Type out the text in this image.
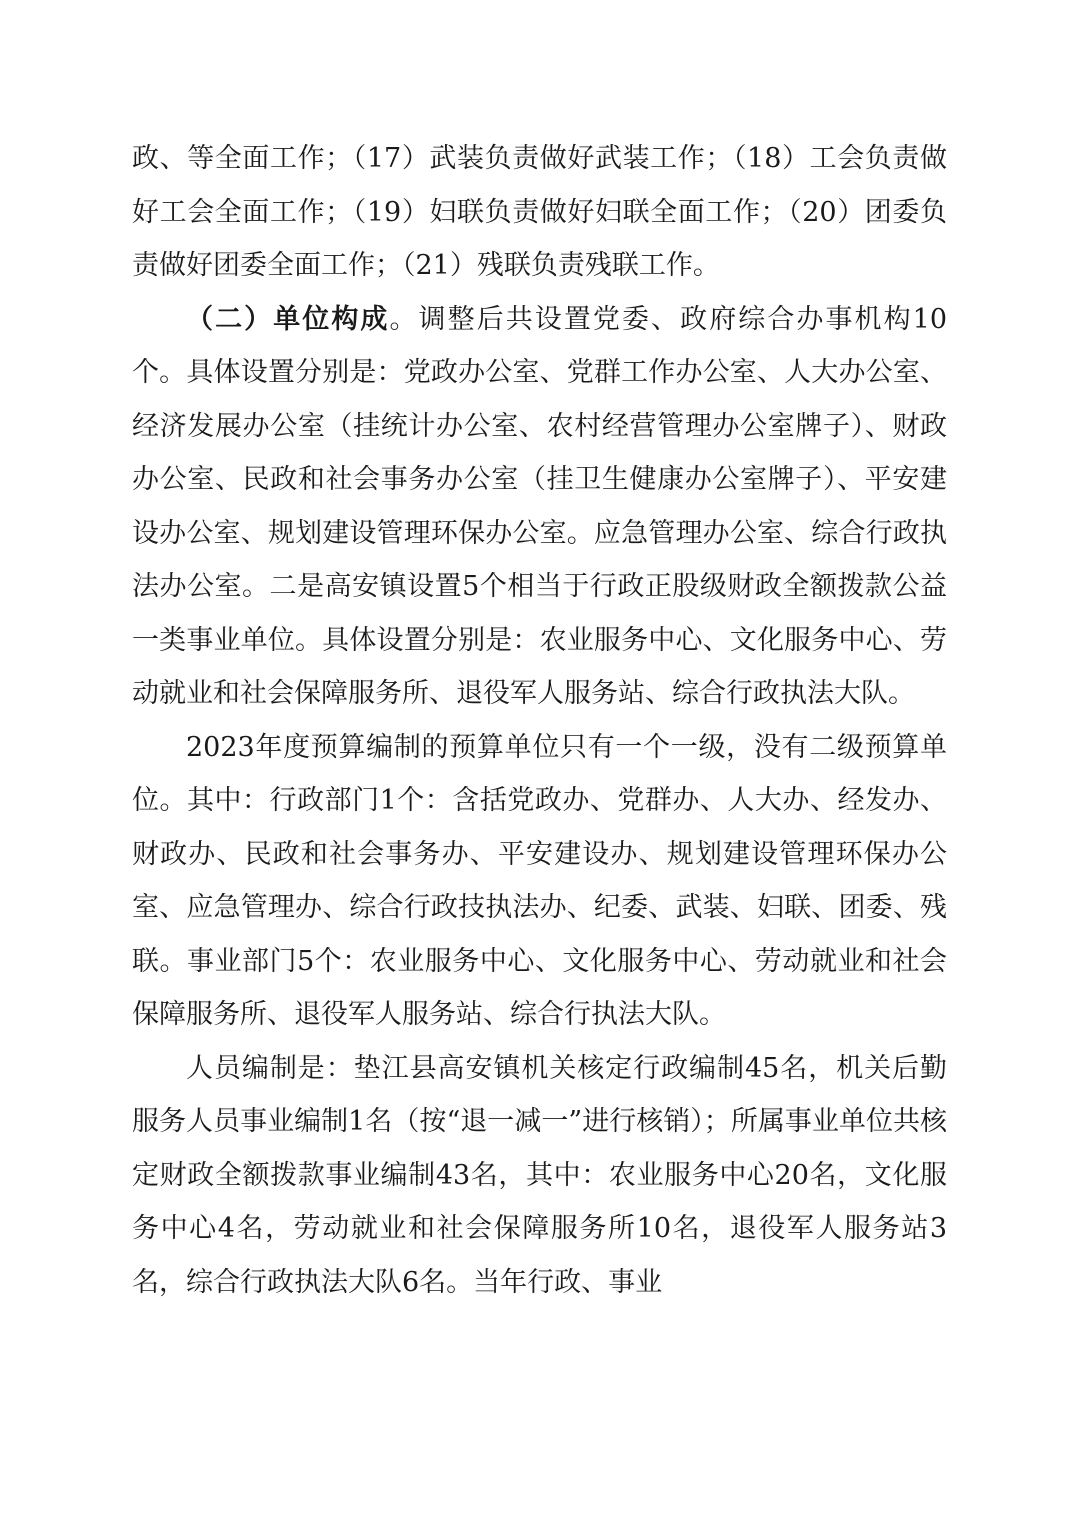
政、等全面工作；（17）武装负责做好武装工作；（18）工会负责做好工会全面工作；（19）妇联负责做好妇联全面工作；（20）团委负责做好团委全面工作；（21）残联负责残联工作。

（二）单位构成。调整后共设置党委、政府综合办事机构10个。具体设置分别是：党政办公室、党群工作办公室、人大办公室、经济发展办公室（挂统计办公室、农村经营管理办公室牌子）、财政办公室、民政和社会事务办公室（挂卫生健康办公室牌子）、平安建设办公室、规划建设管理环保办公室。应急管理办公室、综合行政执法办公室。二是高安镇设置5个相当于行政正股级财政全额拨款公益一类事业单位。具体设置分别是：农业服务中心、文化服务中心、劳动就业和社会保障服务所、退役军人服务站、综合行政执法大队。

2023年度预算编制的预算单位只有一个一级，没有二级预算单位。其中：行政部门1个：含括党政办、党群办、人大办、经发办、财政办、民政和社会事务办、平安建设办、规划建设管理环保办公室、应急管理办、综合行政技执法办、纪委、武装、妇联、团委、残联。事业部门5个：农业服务中心、文化服务中心、劳动就业和社会保障服务所、退役军人服务站、综合行执法大队。

人员编制是：垫江县高安镇机关核定行政编制45名，机关后勤服务人员事业编制1名（按“退一减一”进行核销）；所属事业单位共核定财政全额拨款事业编制43名，其中：农业服务中心20名，文化服务中心4名，劳动就业和社会保障服务所10名，退役军人服务站3名，综合行政执法大队6名。当年行政、事业
